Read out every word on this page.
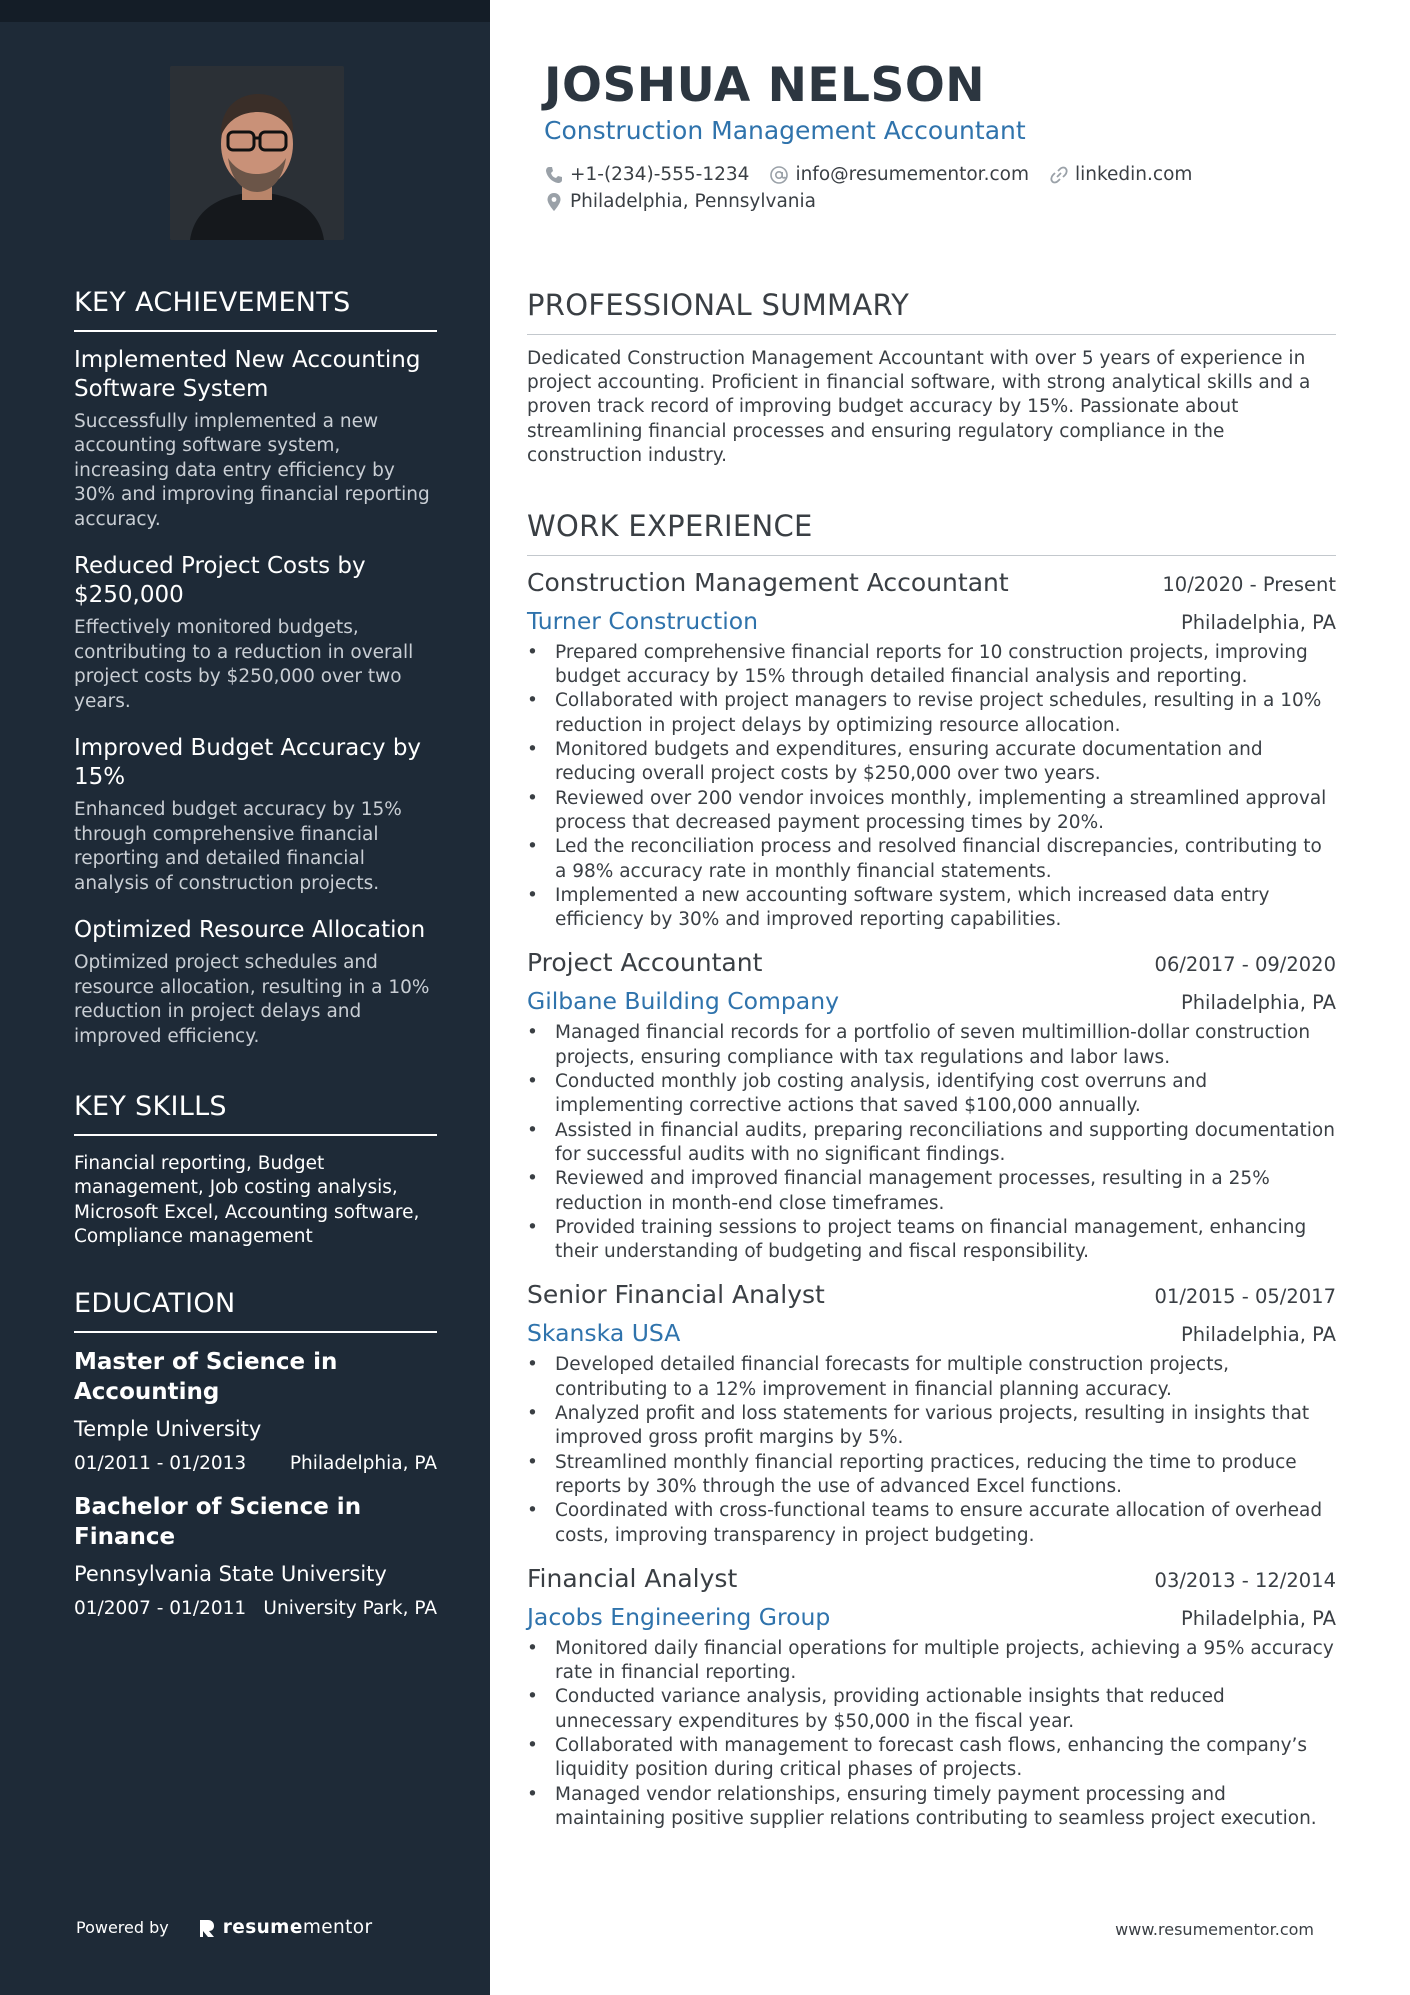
KEY ACHIEVEMENTS
Implemented New Accounting Software System
Successfully implemented a new accounting software system, increasing data entry efficiency by 30% and improving financial reporting accuracy.
Reduced Project Costs by $250,000
Effectively monitored budgets, contributing to a reduction in overall project costs by $250,000 over two years.
Improved Budget Accuracy by 15%
Enhanced budget accuracy by 15% through comprehensive financial reporting and detailed financial analysis of construction projects.
Optimized Resource Allocation
Optimized project schedules and resource allocation, resulting in a 10% reduction in project delays and improved efficiency.
KEY SKILLS
Financial reporting, Budget management, Job costing analysis, Microsoft Excel, Accounting software, Compliance management
EDUCATION
Master of Science in Accounting
Temple University
01/2011 - 01/2013 Philadelphia, PA
Bachelor of Science in Finance
Pennsylvania State University
01/2007 - 01/2011 University Park, PA
Powered by	resumementor
JOSHUA NELSON
Construction Management Accountant
+1-(234)-555-1234 info@resumementor.com linkedin.com
Philadelphia, Pennsylvania
PROFESSIONAL SUMMARY
Dedicated Construction Management Accountant with over 5 years of experience in project accounting. Proficient in financial software, with strong analytical skills and a proven track record of improving budget accuracy by 15%. Passionate about streamlining financial processes and ensuring regulatory compliance in the construction industry.
WORK EXPERIENCE
Construction Management Accountant	10/2020 - Present
Turner Construction	Philadelphia, PA
• Prepared comprehensive financial reports for 10 construction projects, improving budget accuracy by 15% through detailed financial analysis and reporting.
• Collaborated with project managers to revise project schedules, resulting in a 10% reduction in project delays by optimizing resource allocation.
• Monitored budgets and expenditures, ensuring accurate documentation and reducing overall project costs by $250,000 over two years.
• Reviewed over 200 vendor invoices monthly, implementing a streamlined approval process that decreased payment processing times by 20%.
• Led the reconciliation process and resolved financial discrepancies, contributing to a 98% accuracy rate in monthly financial statements.
• Implemented a new accounting software system, which increased data entry efficiency by 30% and improved reporting capabilities.
Project Accountant	06/2017 - 09/2020
Gilbane Building Company	Philadelphia, PA
• Managed financial records for a portfolio of seven multimillion-dollar construction projects, ensuring compliance with tax regulations and labor laws.
• Conducted monthly job costing analysis, identifying cost overruns and implementing corrective actions that saved $100,000 annually.
• Assisted in financial audits, preparing reconciliations and supporting documentation for successful audits with no significant findings.
• Reviewed and improved financial management processes, resulting in a 25% reduction in month-end close timeframes.
• Provided training sessions to project teams on financial management, enhancing their understanding of budgeting and fiscal responsibility.
Senior Financial Analyst	01/2015 - 05/2017
Skanska USA	Philadelphia, PA
• Developed detailed financial forecasts for multiple construction projects, contributing to a 12% improvement in financial planning accuracy.
• Analyzed profit and loss statements for various projects, resulting in insights that improved gross profit margins by 5%.
• Streamlined monthly financial reporting practices, reducing the time to produce reports by 30% through the use of advanced Excel functions.
• Coordinated with cross-functional teams to ensure accurate allocation of overhead costs, improving transparency in project budgeting.
Financial Analyst	03/2013 - 12/2014
Jacobs Engineering Group	Philadelphia, PA
• Monitored daily financial operations for multiple projects, achieving a 95% accuracy rate in financial reporting.
• Conducted variance analysis, providing actionable insights that reduced unnecessary expenditures by $50,000 in the fiscal year.
• Collaborated with management to forecast cash flows, enhancing the company’s liquidity position during critical phases of projects.
• Managed vendor relationships, ensuring timely payment processing and maintaining positive supplier relations contributing to seamless project execution.
www.resumementor.com
